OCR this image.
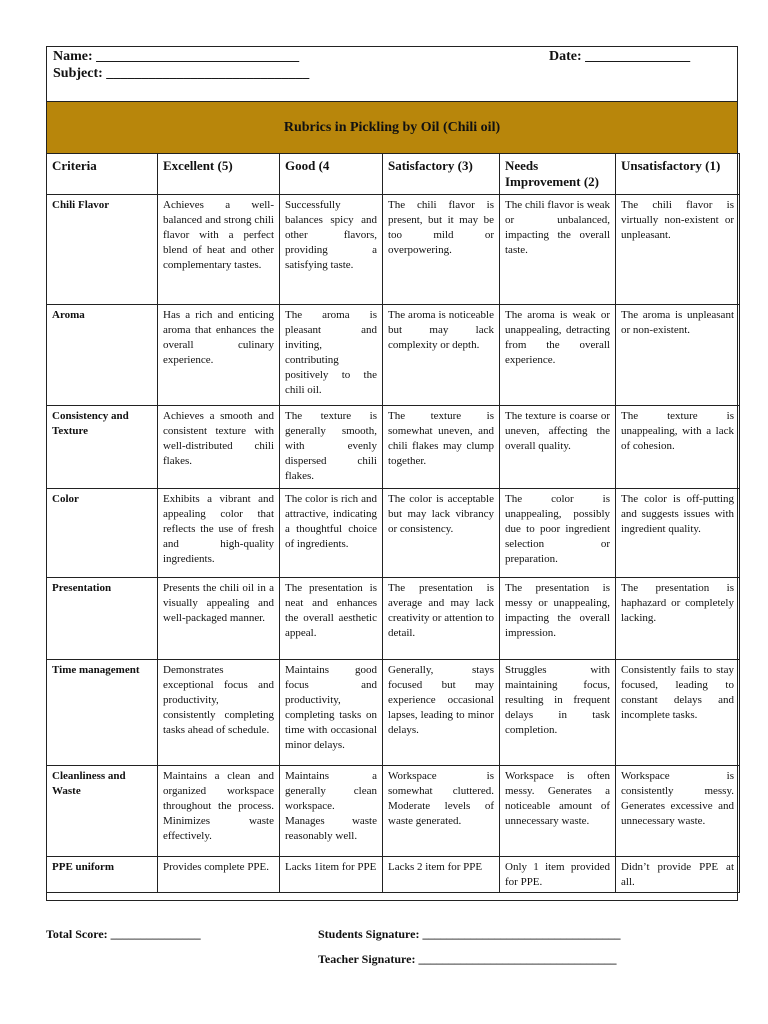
Name: _____________________________
Subject: _____________________________
Date: _______________
Rubrics in Pickling by Oil (Chili oil)
Criteria	Excellent (5)	Good (4	Satisfactory (3)	Needs Improvement (2)	Unsatisfactory (1)
Chili Flavor	Achieves a well-balanced and strong chili flavor with a perfect blend of heat and other complementary tastes.	Successfully balances spicy and other flavors, providing a satisfying taste.	The chili flavor is present, but it may be too mild or overpowering.	The chili flavor is weak or unbalanced, impacting the overall taste.	The chili flavor is virtually non-existent or unpleasant.
Aroma	Has a rich and enticing aroma that enhances the overall culinary experience.	The aroma is pleasant and inviting, contributing positively to the chili oil.	The aroma is noticeable but may lack complexity or depth.	The aroma is weak or unappealing, detracting from the overall experience.	The aroma is unpleasant or non-existent.
Consistency and Texture	Achieves a smooth and consistent texture with well-distributed chili flakes.	The texture is generally smooth, with evenly dispersed chili flakes.	The texture is somewhat uneven, and chili flakes may clump together.	The texture is coarse or uneven, affecting the overall quality.	The texture is unappealing, with a lack of cohesion.
Color	Exhibits a vibrant and appealing color that reflects the use of fresh and high-quality ingredients.	The color is rich and attractive, indicating a thoughtful choice of ingredients.	The color is acceptable but may lack vibrancy or consistency.	The color is unappealing, possibly due to poor ingredient selection or preparation.	The color is off-putting and suggests issues with ingredient quality.
Presentation	Presents the chili oil in a visually appealing and well-packaged manner.	The presentation is neat and enhances the overall aesthetic appeal.	The presentation is average and may lack creativity or attention to detail.	The presentation is messy or unappealing, impacting the overall impression.	The presentation is haphazard or completely lacking.
Time management	Demonstrates exceptional focus and productivity, consistently completing tasks ahead of schedule.	Maintains good focus and productivity, completing tasks on time with occasional minor delays.	Generally, stays focused but may experience occasional lapses, leading to minor delays.	Struggles with maintaining focus, resulting in frequent delays in task completion.	Consistently fails to stay focused, leading to constant delays and incomplete tasks.
Cleanliness and Waste	Maintains a clean and organized workspace throughout the process. Minimizes waste effectively.	Maintains a generally clean workspace. Manages waste reasonably well.	Workspace is somewhat cluttered. Moderate levels of waste generated.	Workspace is often messy. Generates a noticeable amount of unnecessary waste.	Workspace is consistently messy. Generates excessive and unnecessary waste.
PPE uniform	Provides complete PPE.	Lacks 1item for PPE	Lacks 2 item for PPE	Only 1 item provided for PPE.	Didn’t provide PPE at all.
Total Score: _______________	Students Signature: _________________________________
Teacher Signature: _________________________________
